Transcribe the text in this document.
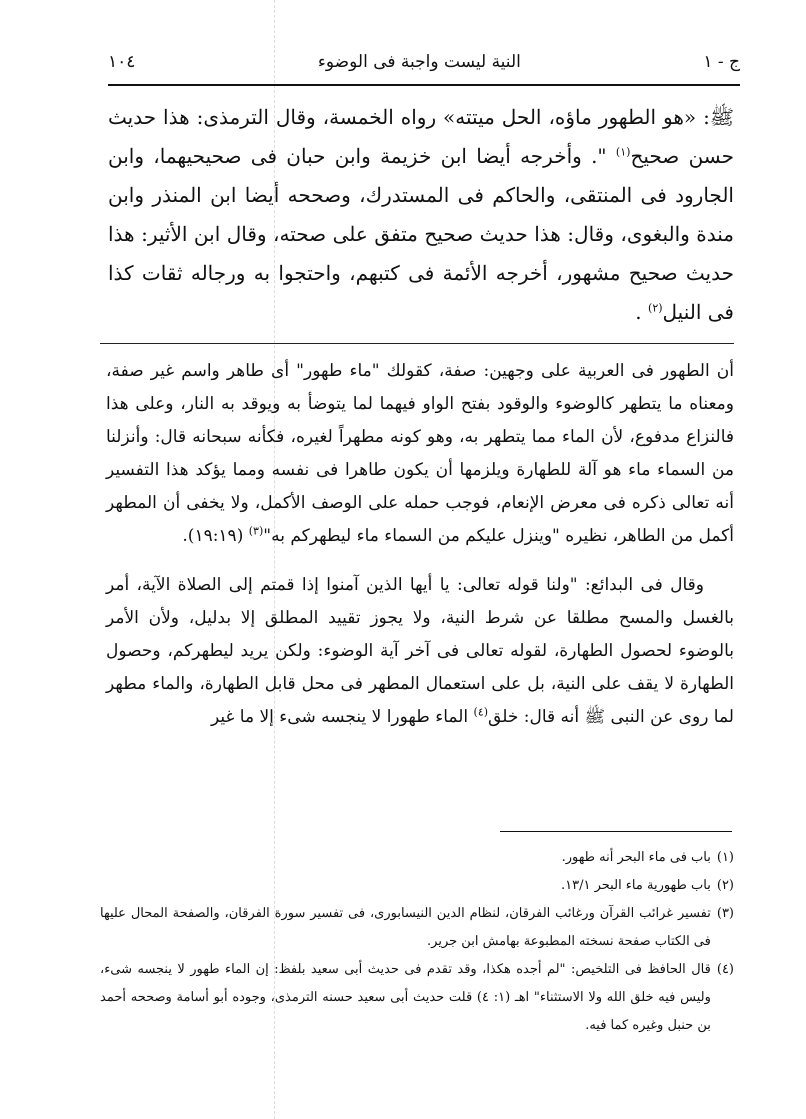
ج - ١
النية ليست واجبة فى الوضوء
١٠٤

ﷺ: «هو الطهور ماؤه، الحل ميتته» رواه الخمسة، وقال الترمذى: هذا حديث حسن صحيح$^{(١)}$ ". وأخرجه أيضا ابن خزيمة وابن حبان فى صحيحيهما، وابن الجارود فى المنتقى، والحاكم فى المستدرك، وصححه أيضا ابن المنذر وابن مندة والبغوى، وقال: هذا حديث صحيح متفق على صحته، وقال ابن الأثير: هذا حديث صحيح مشهور، أخرجه الأئمة فى كتبهم، واحتجوا به ورجاله ثقات كذا فى النيل$^{(٢)}$ .

أن الطهور فى العربية على وجهين: صفة، كقولك "ماء طهور" أى طاهر واسم غير صفة، ومعناه ما يتطهر كالوضوء والوقود بفتح الواو فيهما لما يتوضأ به ويوقد به النار، وعلى هذا فالنزاع مدفوع، لأن الماء مما يتطهر به، وهو كونه مطهراً لغيره، فكأنه سبحانه قال: وأنزلنا من السماء ماء هو آلة للطهارة ويلزمها أن يكون طاهرا فى نفسه ومما يؤكد هذا التفسير أنه تعالى ذكره فى معرض الإنعام، فوجب حمله على الوصف الأكمل، ولا يخفى أن المطهر أكمل من الطاهر، نظيره "وينزل عليكم من السماء ماء ليطهركم به"$^{(٣)}$ (١٩:١٩).

وقال فى البدائع: "ولنا قوله تعالى: يا أيها الذين آمنوا إذا قمتم إلى الصلاة الآية، أمر بالغسل والمسح مطلقا عن شرط النية، ولا يجوز تقييد المطلق إلا بدليل، ولأن الأمر بالوضوء لحصول الطهارة، لقوله تعالى فى آخر آية الوضوء: ولكن يريد ليطهركم، وحصول الطهارة لا يقف على النية، بل على استعمال المطهر فى محل قابل الطهارة، والماء مطهر لما روى عن النبى ﷺ أنه قال: خلق$^{(٤)}$ الماء طهورا لا ينجسه شىء إلا ما غير

(١)
باب فى ماء البحر أنه طهور.
(٢)
باب طهورية ماء البحر ١٣/١.
(٣)
تفسير غرائب القرآن ورغائب الفرقان، لنظام الدين النيسابورى، فى تفسير سورة الفرقان، والصفحة المحال عليها فى الكتاب صفحة نسخته المطبوعة بهامش ابن جرير.
(٤)
قال الحافظ فى التلخيص: "لم أجده هكذا، وقد تقدم فى حديث أبى سعيد بلفظ: إن الماء طهور لا ينجسه شىء، وليس فيه خلق الله ولا الاستثناء" اهـ (١: ٤) قلت حديث أبى سعيد حسنه الترمذى، وجوده أبو أسامة وصححه أحمد بن حنبل وغيره كما فيه.
